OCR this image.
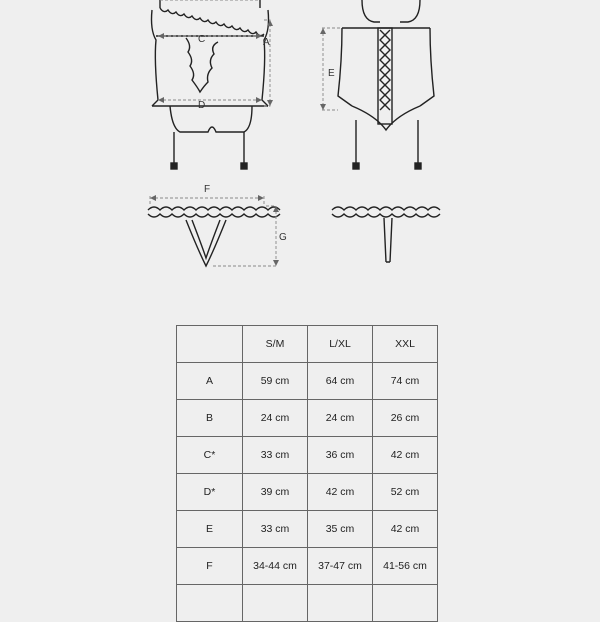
A
C
D
E
F
G
	S/M	L/XL	XXL
A	59 cm	64 cm	74 cm
B	24 cm	24 cm	26 cm
C*	33 cm	36 cm	42 cm
D*	39 cm	42 cm	52 cm
E	33 cm	35 cm	42 cm
F	34-44 cm	37-47 cm	41-56 cm
